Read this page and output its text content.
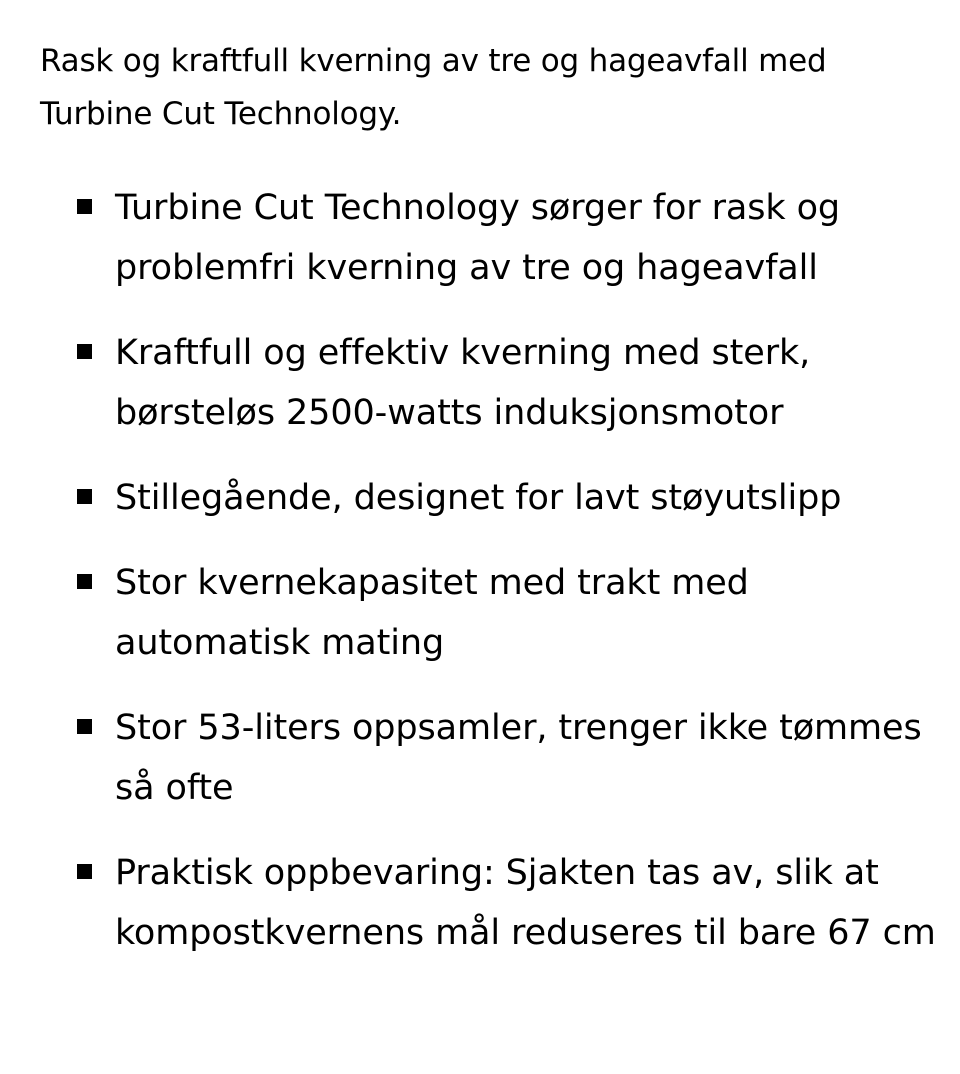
Rask og kraftfull kverning av tre og hageavfall med Turbine Cut Technology.

Turbine Cut Technology sørger for rask og problemfri kverning av tre og hageavfall
Kraftfull og effektiv kverning med sterk, børsteløs 2500-watts induksjonsmotor
Stillegående, designet for lavt støyutslipp
Stor kvernekapasitet med trakt med automatisk mating
Stor 53-liters oppsamler, trenger ikke tømmes så ofte
Praktisk oppbevaring: Sjakten tas av, slik at kompostkvernens mål reduseres til bare 67 cm
